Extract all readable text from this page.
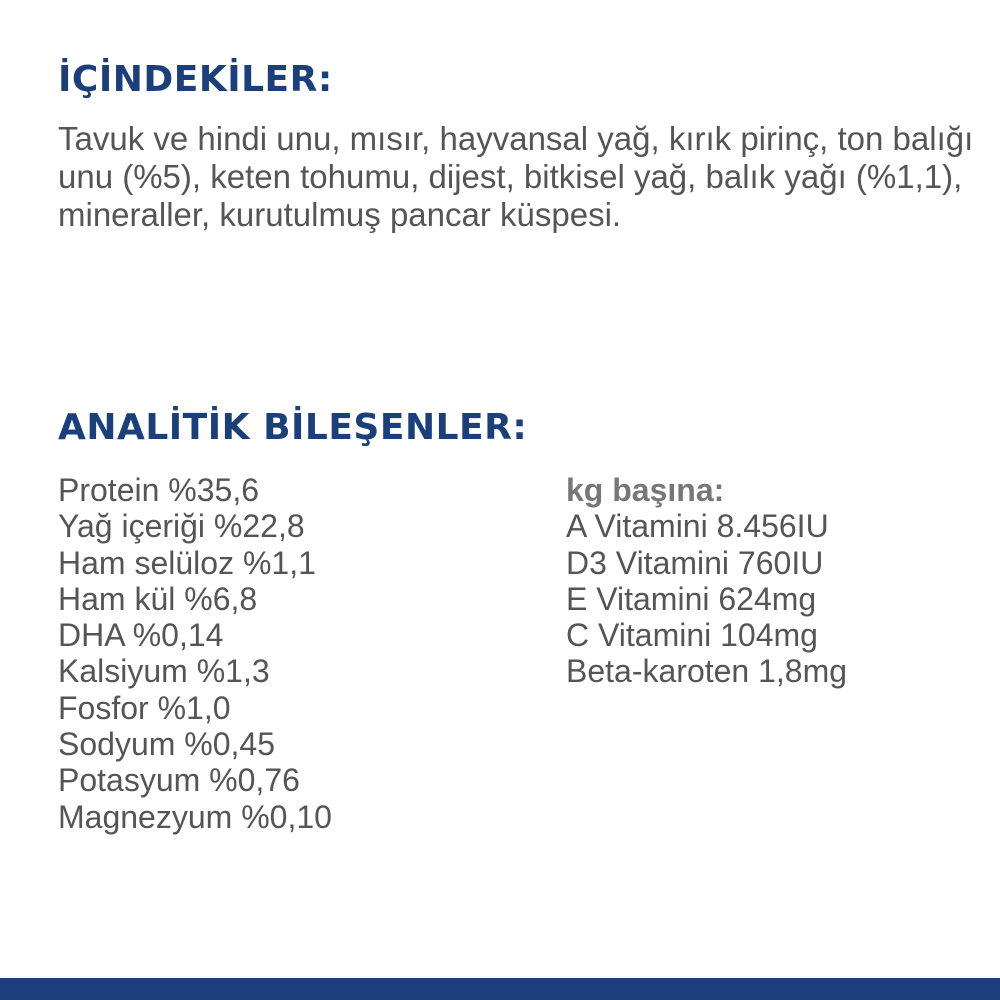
İÇİNDEKİLER:

Tavuk ve hindi unu, mısır, hayvansal yağ, kırık pirinç, ton balığı unu (%5), keten tohumu, dijest, bitkisel yağ, balık yağı (%1,1), mineraller, kurutulmuş pancar küspesi.

ANALİTİK BİLEŞENLER:
Protein %35,6
Yağ içeriği %22,8
Ham selüloz %1,1
Ham kül %6,8
DHA %0,14
Kalsiyum %1,3
Fosfor %1,0
Sodyum %0,45
Potasyum %0,76
Magnezyum %0,10
kg başına:
A Vitamini 8.456IU
D3 Vitamini 760IU
E Vitamini 624mg
C Vitamini 104mg
Beta-karoten 1,8mg
